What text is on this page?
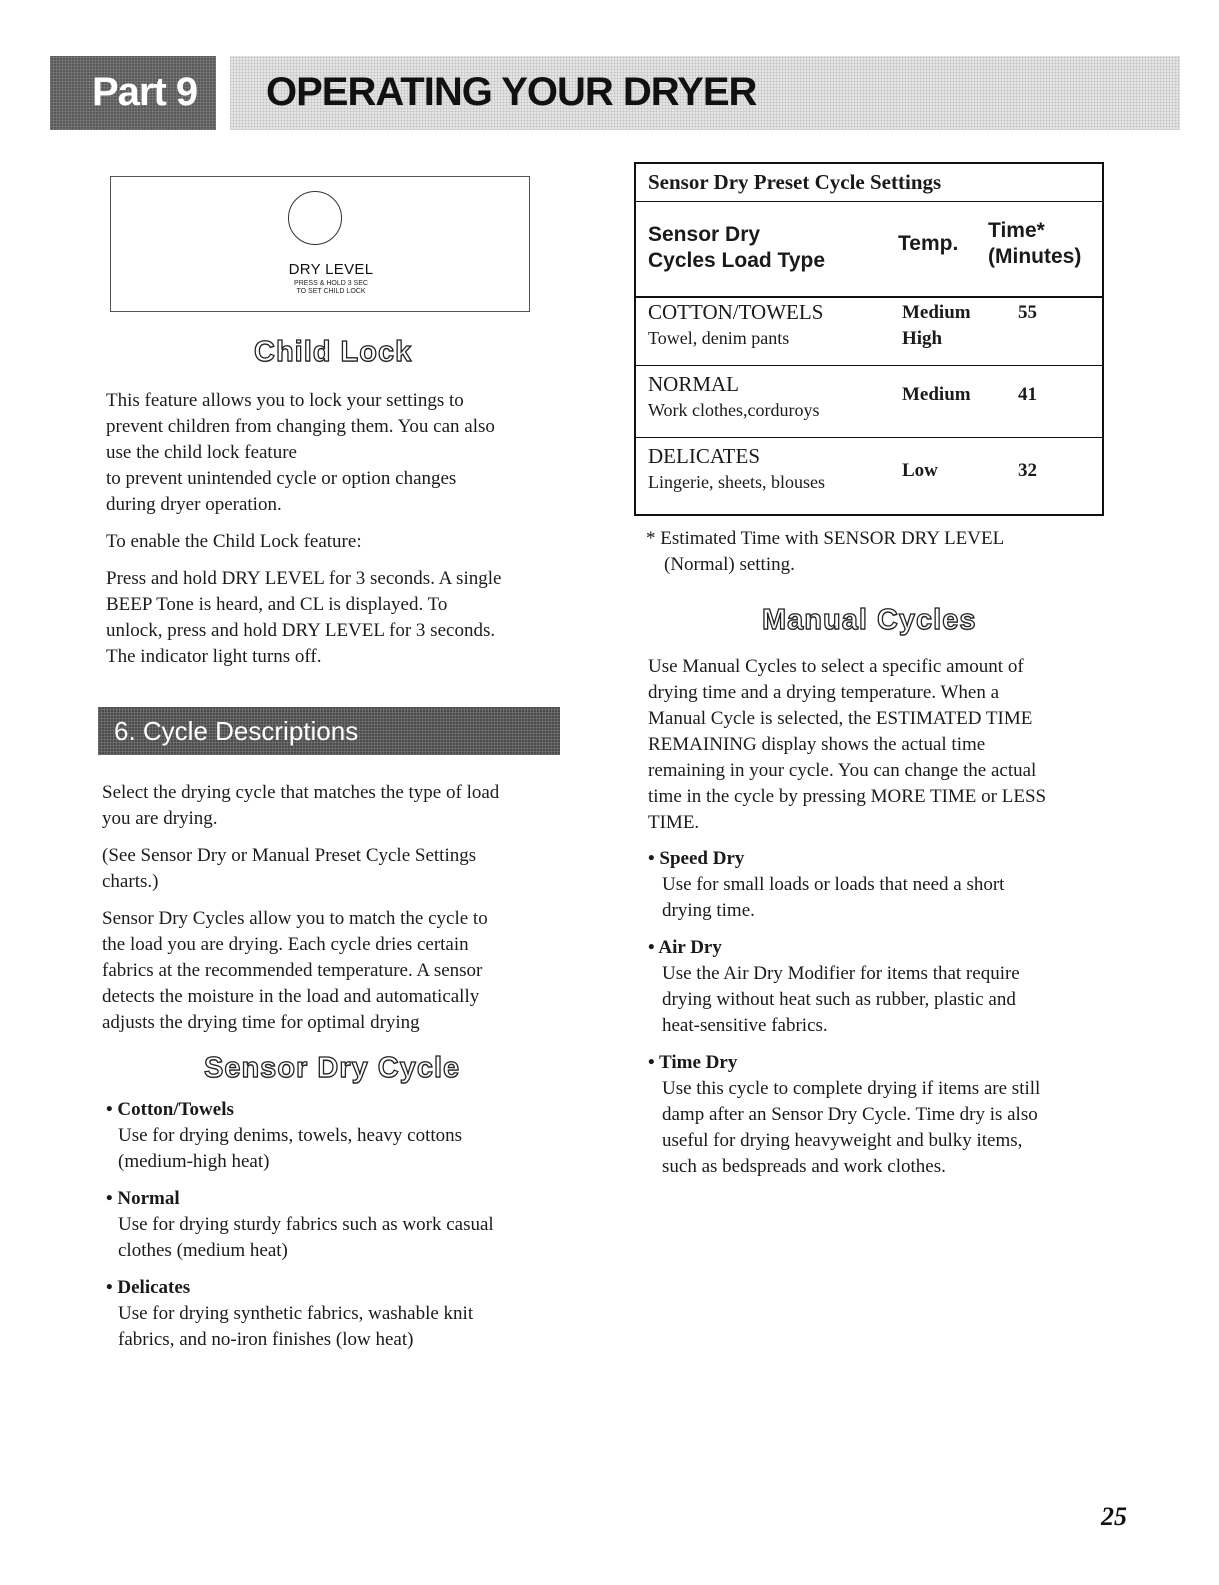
Part 9 OPERATING YOUR DRYER
DRY LEVEL
PRESS & HOLD 3 SEC
TO SET CHILD LOCK
Child Lock

This feature allows you to lock your settings to

prevent children from changing them. You can also

use the child lock feature

to prevent unintended cycle or option changes

during dryer operation.

To enable the Child Lock feature:

Press and hold DRY LEVEL for 3 seconds. A single

BEEP Tone is heard, and CL is displayed. To

unlock, press and hold DRY LEVEL for 3 seconds.

The indicator light turns off.

6. Cycle Descriptions

Select the drying cycle that matches the type of load

you are drying.

(See Sensor Dry or Manual Preset Cycle Settings

charts.)

Sensor Dry Cycles allow you to match the cycle to

the load you are drying. Each cycle dries certain

fabrics at the recommended temperature. A sensor

detects the moisture in the load and automatically

adjusts the drying time for optimal drying

Sensor Dry Cycle

• Cotton/Towels

Use for drying denims, towels, heavy cottons

(medium-high heat)

• Normal

Use for drying sturdy fabrics such as work casual

clothes (medium heat)

• Delicates

Use for drying synthetic fabrics, washable knit

fabrics, and no-iron finishes (low heat)

Sensor Dry Preset Cycle Settings
Sensor Dry
Cycles Load Type
Temp.
Time*
(Minutes)
COTTON/TOWELS
Towel, denim pants
Medium
High
55
NORMAL
Work clothes,corduroys
Medium 41
DELICATES
Lingerie, sheets, blouses
Low	32

* Estimated Time with SENSOR DRY LEVEL

(Normal) setting.

Manual Cycles

Use Manual Cycles to select a specific amount of

drying time and a drying temperature. When a

Manual Cycle is selected, the ESTIMATED TIME

REMAINING display shows the actual time

remaining in your cycle. You can change the actual

time in the cycle by pressing MORE TIME or LESS

TIME.

• Speed Dry

Use for small loads or loads that need a short

drying time.

• Air Dry

Use the Air Dry Modifier for items that require

drying without heat such as rubber, plastic and

heat-sensitive fabrics.

• Time Dry

Use this cycle to complete drying if items are still

damp after an Sensor Dry Cycle. Time dry is also

useful for drying heavyweight and bulky items,

such as bedspreads and work clothes.

25
